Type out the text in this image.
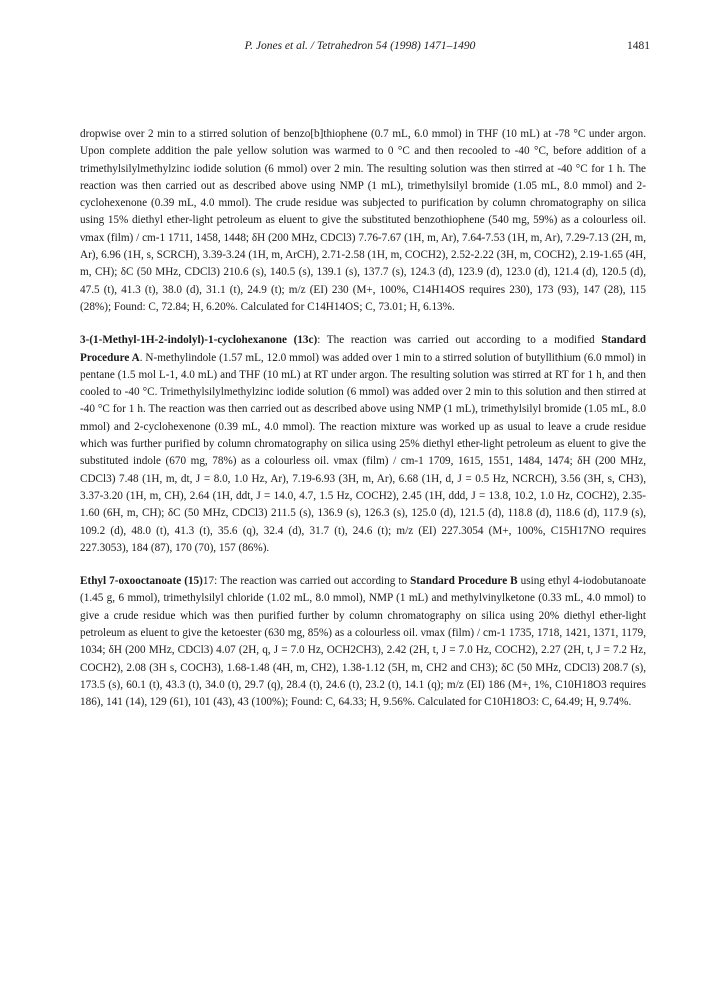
P. Jones et al. / Tetrahedron 54 (1998) 1471–1490	1481

dropwise over 2 min to a stirred solution of benzo[b]thiophene (0.7 mL, 6.0 mmol) in THF (10 mL) at -78 °C under argon. Upon complete addition the pale yellow solution was warmed to 0 °C and then recooled to -40 °C, before addition of a trimethylsilylmethylzinc iodide solution (6 mmol) over 2 min. The resulting solution was then stirred at -40 °C for 1 h. The reaction was then carried out as described above using NMP (1 mL), trimethylsilyl bromide (1.05 mL, 8.0 mmol) and 2-cyclohexenone (0.39 mL, 4.0 mmol). The crude residue was subjected to purification by column chromatography on silica using 15% diethyl ether-light petroleum as eluent to give the substituted benzothiophene (540 mg, 59%) as a colourless oil. νmax (film) / cm-1 1711, 1458, 1448; δH (200 MHz, CDCl3) 7.76-7.67 (1H, m, Ar), 7.64-7.53 (1H, m, Ar), 7.29-7.13 (2H, m, Ar), 6.96 (1H, s, SCRCH), 3.39-3.24 (1H, m, ArCH), 2.71-2.58 (1H, m, COCH2), 2.52-2.22 (3H, m, COCH2), 2.19-1.65 (4H, m, CH); δC (50 MHz, CDCl3) 210.6 (s), 140.5 (s), 139.1 (s), 137.7 (s), 124.3 (d), 123.9 (d), 123.0 (d), 121.4 (d), 120.5 (d), 47.5 (t), 41.3 (t), 38.0 (d), 31.1 (t), 24.9 (t); m/z (EI) 230 (M+, 100%, C14H14OS requires 230), 173 (93), 147 (28), 115 (28%); Found: C, 72.84; H, 6.20%. Calculated for C14H14OS; C, 73.01; H, 6.13%.

3-(1-Methyl-1H-2-indolyl)-1-cyclohexanone (13c): The reaction was carried out according to a modified Standard Procedure A. N-methylindole (1.57 mL, 12.0 mmol) was added over 1 min to a stirred solution of butyllithium (6.0 mmol) in pentane (1.5 mol L-1, 4.0 mL) and THF (10 mL) at RT under argon. The resulting solution was stirred at RT for 1 h, and then cooled to -40 °C. Trimethylsilylmethylzinc iodide solution (6 mmol) was added over 2 min to this solution and then stirred at -40 °C for 1 h. The reaction was then carried out as described above using NMP (1 mL), trimethylsilyl bromide (1.05 mL, 8.0 mmol) and 2-cyclohexenone (0.39 mL, 4.0 mmol). The reaction mixture was worked up as usual to leave a crude residue which was further purified by column chromatography on silica using 25% diethyl ether-light petroleum as eluent to give the substituted indole (670 mg, 78%) as a colourless oil. νmax (film) / cm-1 1709, 1615, 1551, 1484, 1474; δH (200 MHz, CDCl3) 7.48 (1H, m, dt, J = 8.0, 1.0 Hz, Ar), 7.19-6.93 (3H, m, Ar), 6.68 (1H, d, J = 0.5 Hz, NCRCH), 3.56 (3H, s, CH3), 3.37-3.20 (1H, m, CH), 2.64 (1H, ddt, J = 14.0, 4.7, 1.5 Hz, COCH2), 2.45 (1H, ddd, J = 13.8, 10.2, 1.0 Hz, COCH2), 2.35-1.60 (6H, m, CH); δC (50 MHz, CDCl3) 211.5 (s), 136.9 (s), 126.3 (s), 125.0 (d), 121.5 (d), 118.8 (d), 118.6 (d), 117.9 (s), 109.2 (d), 48.0 (t), 41.3 (t), 35.6 (q), 32.4 (d), 31.7 (t), 24.6 (t); m/z (EI) 227.3054 (M+, 100%, C15H17NO requires 227.3053), 184 (87), 170 (70), 157 (86%).

Ethyl 7-oxooctanoate (15)17: The reaction was carried out according to Standard Procedure B using ethyl 4-iodobutanoate (1.45 g, 6 mmol), trimethylsilyl chloride (1.02 mL, 8.0 mmol), NMP (1 mL) and methylvinylketone (0.33 mL, 4.0 mmol) to give a crude residue which was then purified further by column chromatography on silica using 20% diethyl ether-light petroleum as eluent to give the ketoester (630 mg, 85%) as a colourless oil. νmax (film) / cm-1 1735, 1718, 1421, 1371, 1179, 1034; δH (200 MHz, CDCl3) 4.07 (2H, q, J = 7.0 Hz, OCH2CH3), 2.42 (2H, t, J = 7.0 Hz, COCH2), 2.27 (2H, t, J = 7.2 Hz, COCH2), 2.08 (3H s, COCH3), 1.68-1.48 (4H, m, CH2), 1.38-1.12 (5H, m, CH2 and CH3); δC (50 MHz, CDCl3) 208.7 (s), 173.5 (s), 60.1 (t), 43.3 (t), 34.0 (t), 29.7 (q), 28.4 (t), 24.6 (t), 23.2 (t), 14.1 (q); m/z (EI) 186 (M+, 1%, C10H18O3 requires 186), 141 (14), 129 (61), 101 (43), 43 (100%); Found: C, 64.33; H, 9.56%. Calculated for C10H18O3: C, 64.49; H, 9.74%.
